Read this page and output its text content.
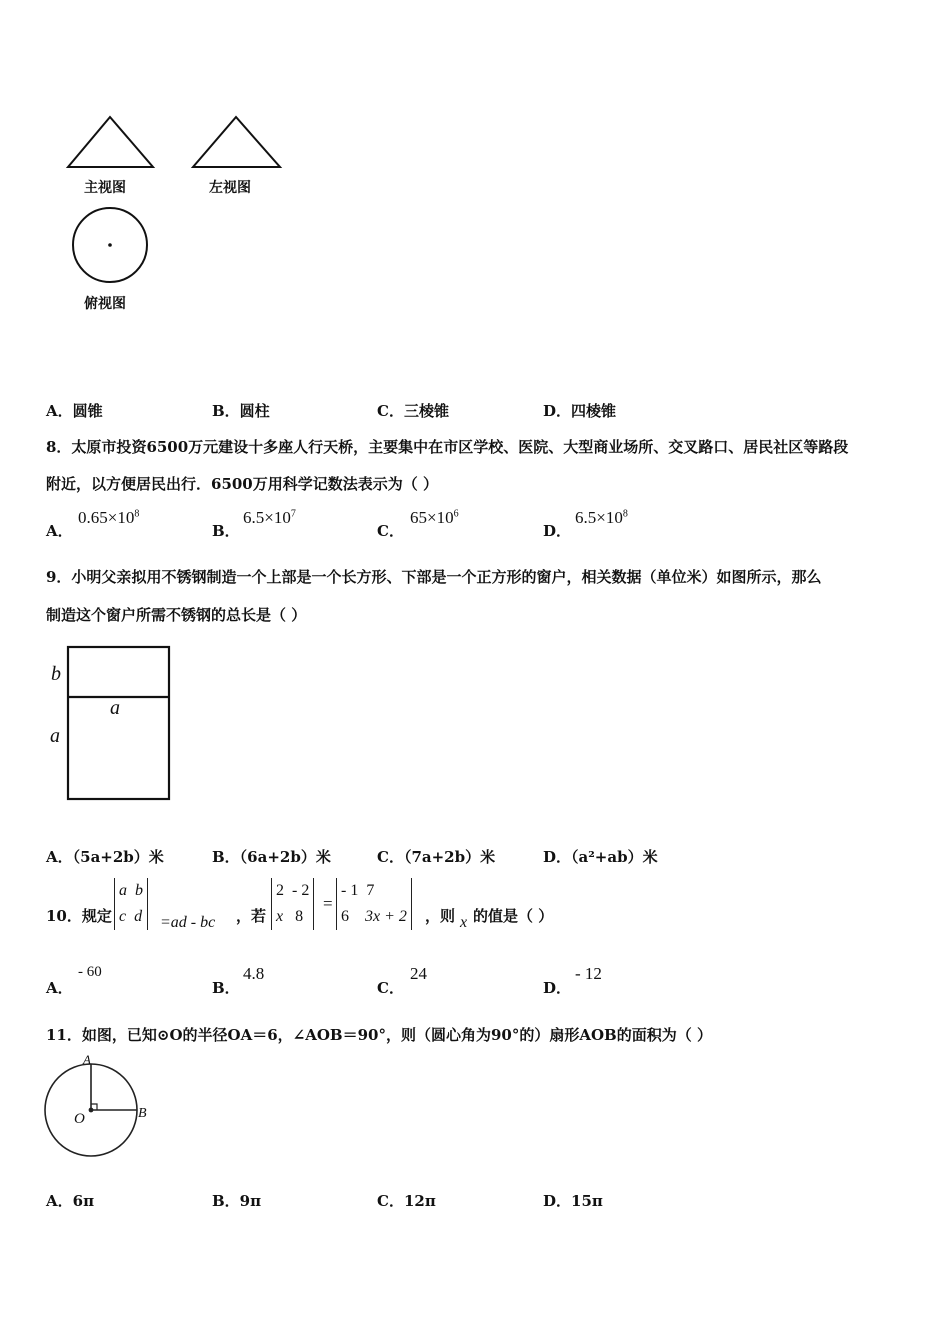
主视图	左视图
俯视图
A．圆锥	B．圆柱	C．三棱锥	D．四棱锥
8．太原市投资6500万元建设十多座人行天桥，主要集中在市区学校、医院、大型商业场所、交叉路口、居民社区等路段
附近，以方便居民出行．6500万用科学记数法表示为（ ）
A．
$0.65\times 10^8$
B．
$6.5\times 10^7$
C．
$65\times 10^6$
D．
$6.5\times 10^8$
9．小明父亲拟用不锈钢制造一个上部是一个长方形、下部是一个正方形的窗户，相关数据（单位米）如图所示，那么
制造这个窗户所需不锈钢的总长是（ ）
b
a
a
A．（5a+2b）米	B．（6a+2b）米	C．（7a+2b）米	D．（a²+ab）米
10．规定
a b
c d =ad - bc ，若
2 - 2
x 8
=
- 1 7
6 3x + 2 ，则 x 的值是（ ）
A．
- 60
B．
4.8
C．
24
D．
- 12
11．如图，已知⊙O的半径OA＝6，∠AOB＝90°，则（圆心角为90°的）扇形AOB的面积为（ ）
A
O	B
A．6π	B．9π	C．12π	D．15π
